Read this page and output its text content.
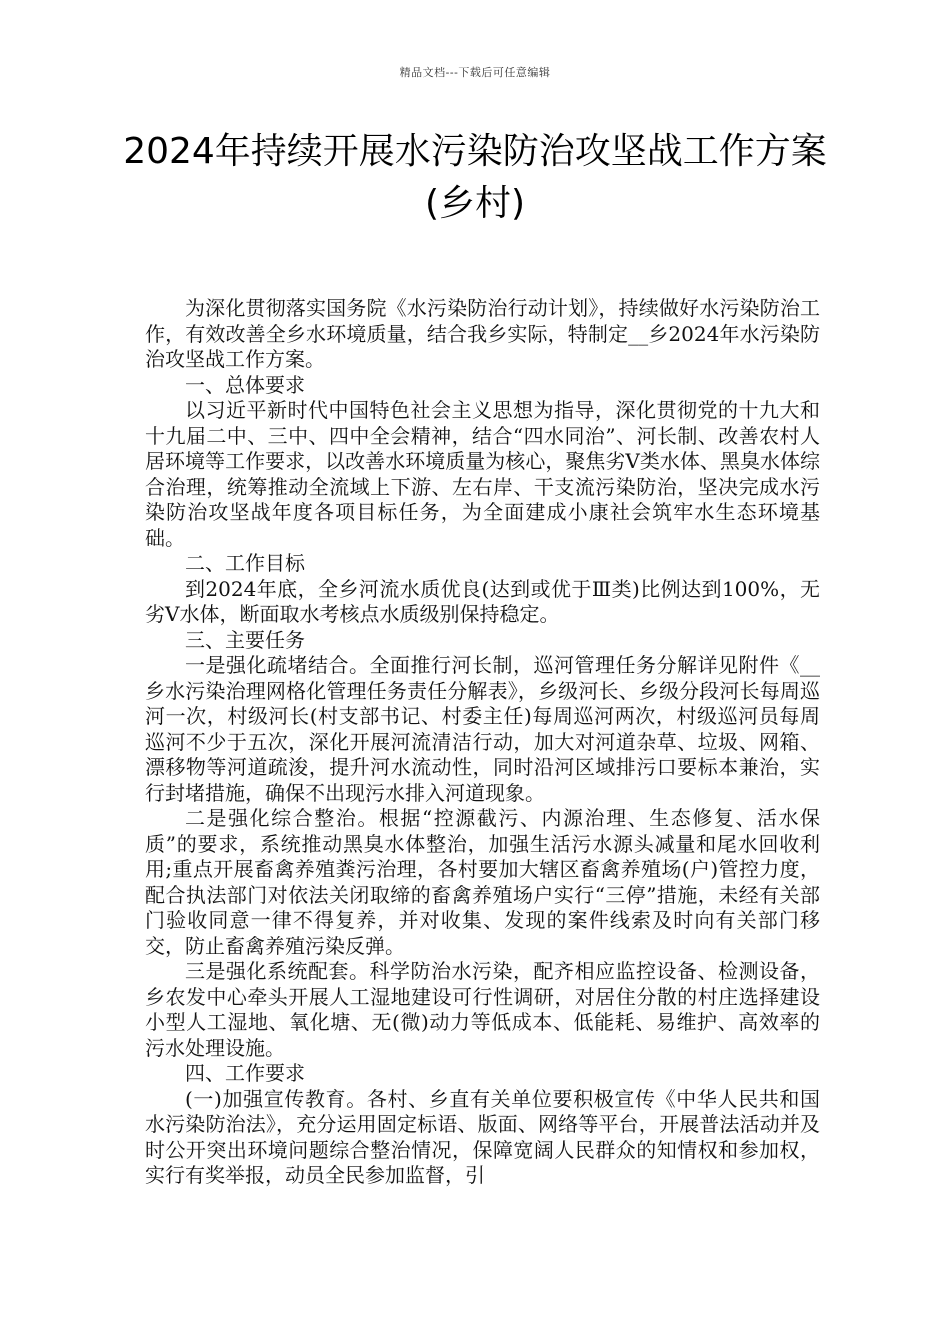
精品文档---下载后可任意编辑
2024年持续开展水污染防治攻坚战工作方案(乡村)

为深化贯彻落实国务院《水污染防治行动计划》，持续做好水污染防治工作，有效改善全乡水环境质量，结合我乡实际，特制定__乡2024年水污染防治攻坚战工作方案。

一、总体要求

以习近平新时代中国特色社会主义思想为指导，深化贯彻党的十九大和十九届二中、三中、四中全会精神，结合“四水同治”、河长制、改善农村人居环境等工作要求，以改善水环境质量为核心，聚焦劣Ⅴ类水体、黑臭水体综合治理，统筹推动全流域上下游、左右岸、干支流污染防治，坚决完成水污染防治攻坚战年度各项目标任务，为全面建成小康社会筑牢水生态环境基础。

二、工作目标

到2024年底，全乡河流水质优良(达到或优于Ⅲ类)比例达到100%，无劣Ⅴ水体，断面取水考核点水质级别保持稳定。

三、主要任务

一是强化疏堵结合。全面推行河长制，巡河管理任务分解详见附件《__乡水污染治理网格化管理任务责任分解表》，乡级河长、乡级分段河长每周巡河一次，村级河长(村支部书记、村委主任)每周巡河两次，村级巡河员每周巡河不少于五次，深化开展河流清洁行动，加大对河道杂草、垃圾、网箱、漂移物等河道疏浚，提升河水流动性，同时沿河区域排污口要标本兼治，实行封堵措施，确保不出现污水排入河道现象。

二是强化综合整治。根据“控源截污、内源治理、生态修复、活水保质”的要求，系统推动黑臭水体整治，加强生活污水源头减量和尾水回收利用;重点开展畜禽养殖粪污治理，各村要加大辖区畜禽养殖场(户)管控力度，配合执法部门对依法关闭取缔的畜禽养殖场户实行“三停”措施，未经有关部门验收同意一律不得复养，并对收集、发现的案件线索及时向有关部门移交，防止畜禽养殖污染反弹。

三是强化系统配套。科学防治水污染，配齐相应监控设备、检测设备，乡农发中心牵头开展人工湿地建设可行性调研，对居住分散的村庄选择建设小型人工湿地、氧化塘、无(微)动力等低成本、低能耗、易维护、高效率的污水处理设施。

四、工作要求

(一)加强宣传教育。各村、乡直有关单位要积极宣传《中华人民共和国水污染防治法》，充分运用固定标语、版面、网络等平台，开展普法活动并及时公开突出环境问题综合整治情况，保障宽阔人民群众的知情权和参加权，实行有奖举报，动员全民参加监督，引
